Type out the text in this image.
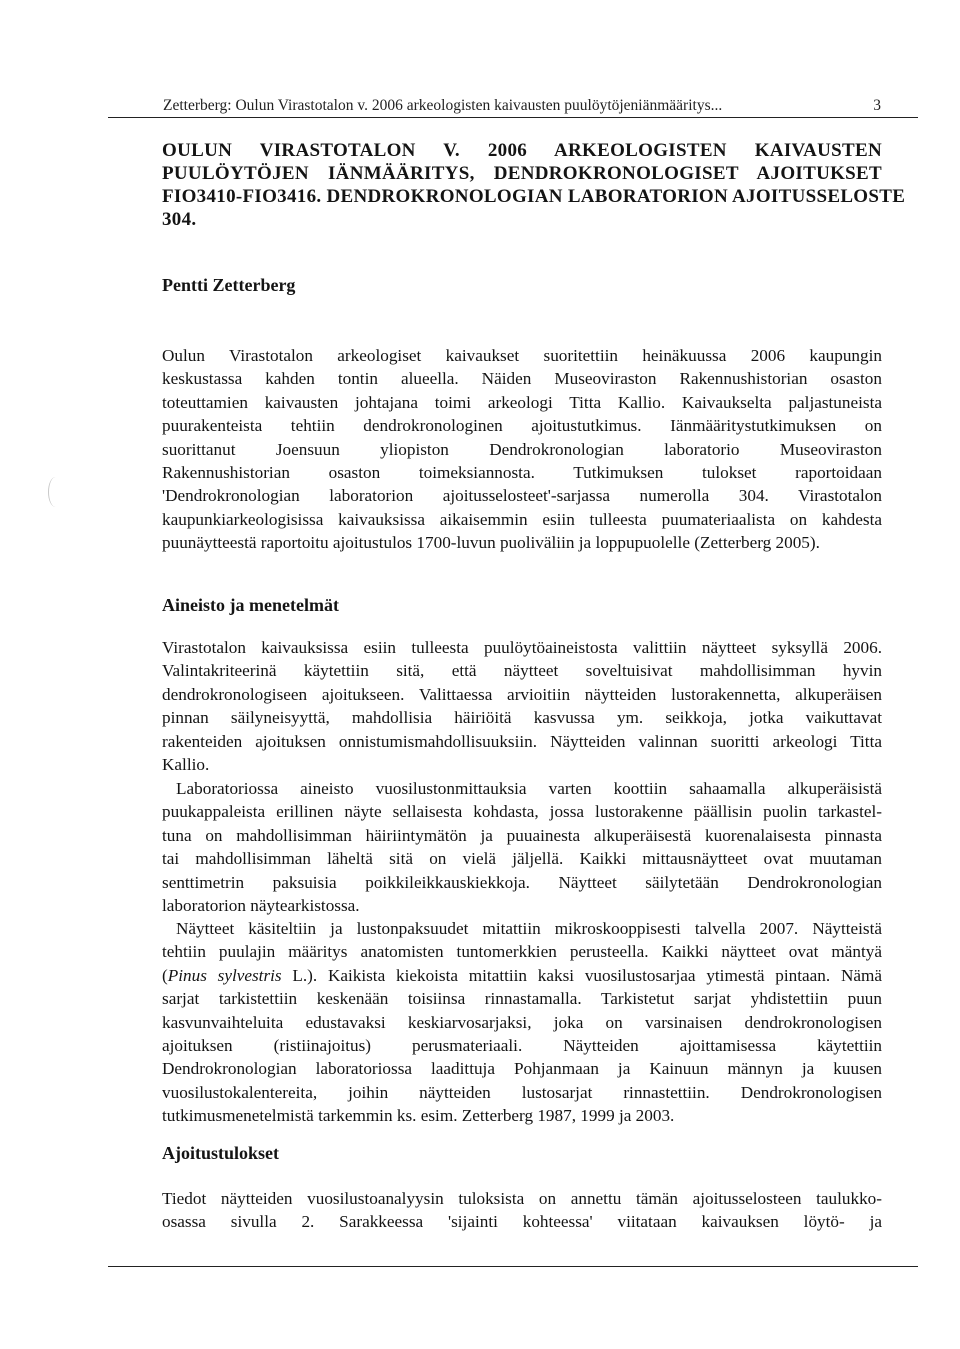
Zetterberg: Oulun Virastotalon v. 2006 arkeologisten kaivausten puulöytöjeniänmääritys...	3
OULUN VIRASTOTALON V. 2006 ARKEOLOGISTEN KAIVAUSTEN
PUULÖYTÖJEN IÄNMÄÄRITYS, DENDROKRONOLOGISET AJOITUKSET
FIO3410-FIO3416. DENDROKRONOLOGIAN LABORATORION AJOITUSSELOSTE
304.

Pentti Zetterberg

Oulun Virastotalon arkeologiset kaivaukset suoritettiin heinäkuussa 2006 kaupungin
keskustassa kahden tontin alueella. Näiden Museoviraston Rakennushistorian osaston
toteuttamien kaivausten johtajana toimi arkeologi Titta Kallio. Kaivaukselta paljastuneista
puurakenteista tehtiin dendrokronologinen ajoitustutkimus. Iänmääritystutkimuksen on
suorittanut Joensuun yliopiston Dendrokronologian laboratorio Museoviraston
Rakennushistorian osaston toimeksiannosta. Tutkimuksen tulokset raportoidaan
'Dendrokronologian laboratorion ajoitusselosteet'-sarjassa numerolla 304. Virastotalon
kaupunkiarkeologisissa kaivauksissa aikaisemmin esiin tulleesta puumateriaalista on kahdesta
puunäytteestä raportoitu ajoitustulos 1700-luvun puoliväliin ja loppupuolelle (Zetterberg 2005).
Aineisto ja menetelmät
Virastotalon kaivauksissa esiin tulleesta puulöytöaineistosta valittiin näytteet syksyllä 2006.
Valintakriteerinä käytettiin sitä, että näytteet soveltuisivat mahdollisimman hyvin
dendrokronologiseen ajoitukseen. Valittaessa arvioitiin näytteiden lustorakennetta, alkuperäisen
pinnan säilyneisyyttä, mahdollisia häiriöitä kasvussa ym. seikkoja, jotka vaikuttavat
rakenteiden ajoituksen onnistumismahdollisuuksiin. Näytteiden valinnan suoritti arkeologi Titta
Kallio.
Laboratoriossa aineisto vuosilustonmittauksia varten koottiin sahaamalla alkuperäisistä
puukappaleista erillinen näyte sellaisesta kohdasta, jossa lustorakenne päällisin puolin tarkastel-
tuna on mahdollisimman häiriintymätön ja puuainesta alkuperäisestä kuorenalaisesta pinnasta
tai mahdollisimman läheltä sitä on vielä jäljellä. Kaikki mittausnäytteet ovat muutaman
senttimetrin paksuisia poikkileikkauskiekkoja. Näytteet säilytetään Dendrokronologian
laboratorion näytearkistossa.
Näytteet käsiteltiin ja lustonpaksuudet mitattiin mikroskooppisesti talvella 2007. Näytteistä
tehtiin puulajin määritys anatomisten tuntomerkkien perusteella. Kaikki näytteet ovat mäntyä
(Pinus sylvestris L.). Kaikista kiekoista mitattiin kaksi vuosilustosarjaa ytimestä pintaan. Nämä
sarjat tarkistettiin keskenään toisiinsa rinnastamalla. Tarkistetut sarjat yhdistettiin puun
kasvunvaihteluita edustavaksi keskiarvosarjaksi, joka on varsinaisen dendrokronologisen
ajoituksen (ristiinajoitus) perusmateriaali. Näytteiden ajoittamisessa käytettiin
Dendrokronologian laboratoriossa laadittuja Pohjanmaan ja Kainuun männyn ja kuusen
vuosilustokalentereita, joihin näytteiden lustosarjat rinnastettiin. Dendrokronologisen
tutkimusmenetelmistä tarkemmin ks. esim. Zetterberg 1987, 1999 ja 2003.
Ajoitustulokset
Tiedot näytteiden vuosilustoanalyysin tuloksista on annettu tämän ajoitusselosteen taulukko-
osassa sivulla 2. Sarakkeessa 'sijainti kohteessa' viitataan kaivauksen löytö- ja
